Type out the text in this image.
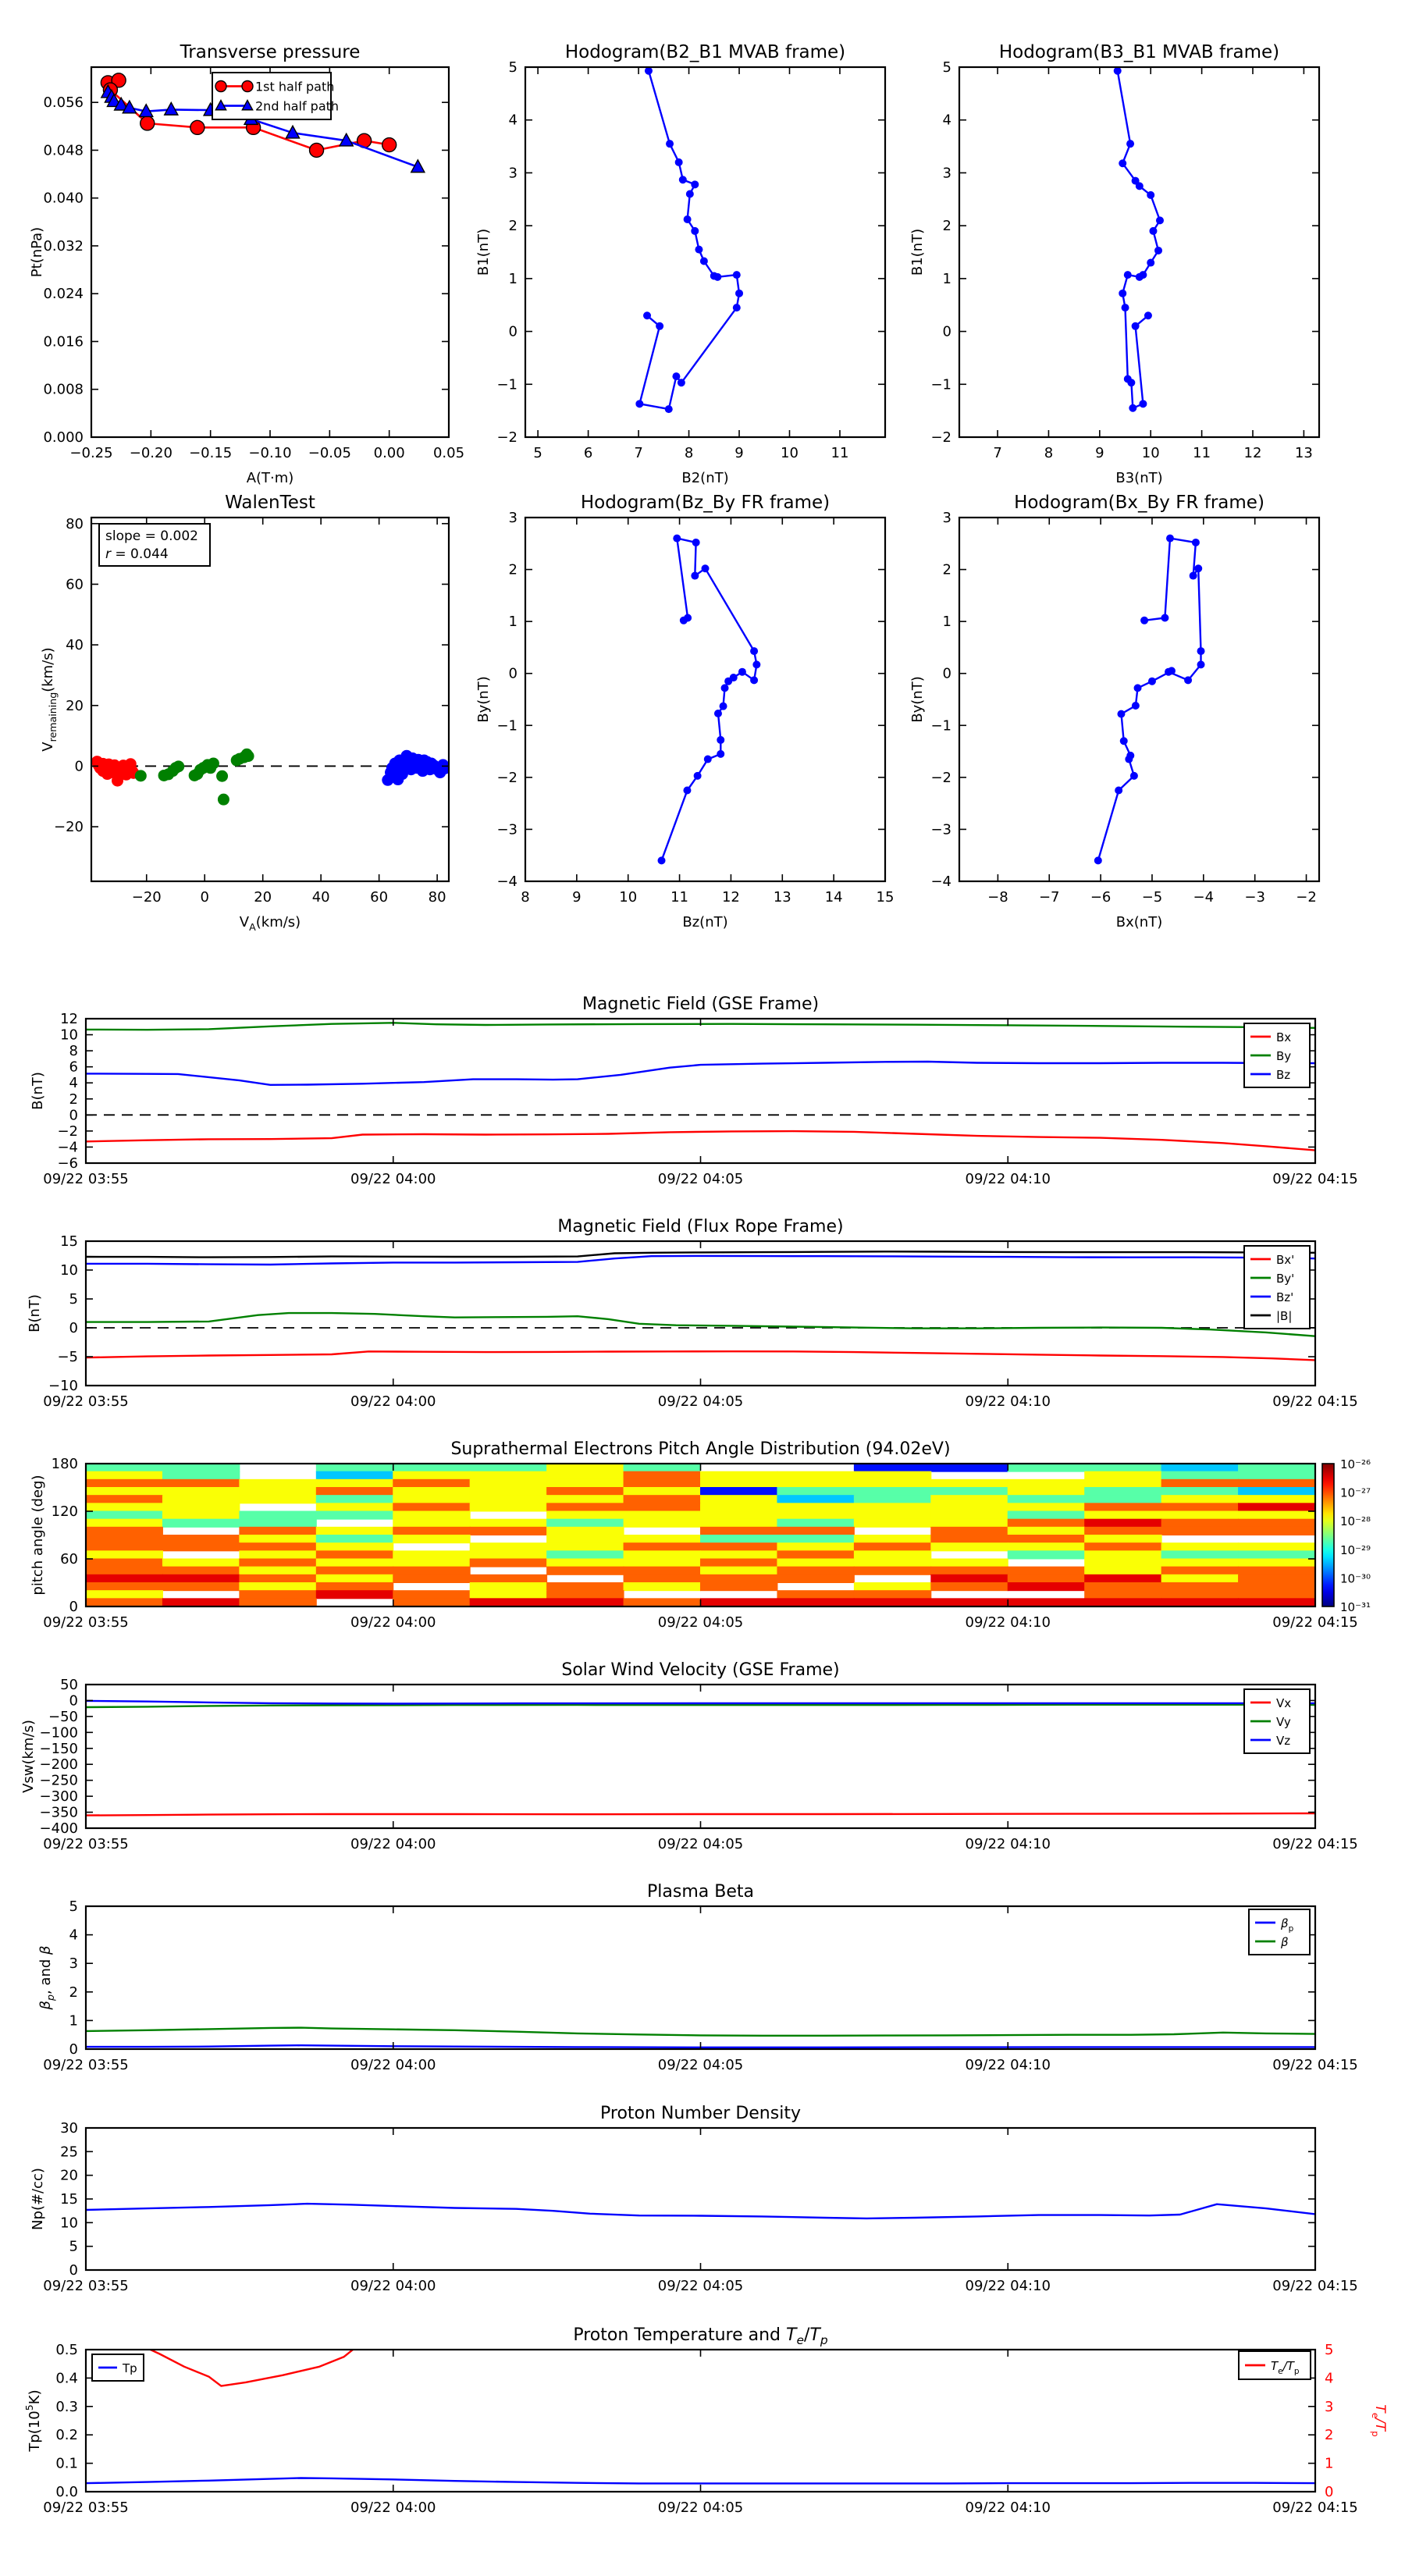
Transverse pressure
−0.25 −0.20 −0.15 −0.10 −0.05 0.00 0.05
0.000
0.008
0.016
0.024
0.032
0.040
0.048
0.056
A(T·m)
Pt(nPa)
1st half path
2nd half path
Hodogram(B2_B1 MVAB frame)
5	6	7	8	9	10 11
−2
−1
0
1
2
3
4
5
B2(nT)
B1(nT)
Hodogram(B3_B1 MVAB frame)
7	8	9	10 11 12 13
−2
−1
0
1
2
3
4
5
B3(nT)
B1(nT)
WalenTest
−20	0	20	40	60	80
−20
0
20
40
60
80
$V_A(km/s)$
$V_{remaining}(km/s)$
slope = 0.002
r = 0.044
Hodogram(Bz_By FR frame)
8	9	10 11 12 13 14 15
−4
−3
−2
−1
0
1
2
3
Bz(nT)
By(nT)
Hodogram(Bx_By FR frame)
−8 −7 −6 −5 −4 −3 −2
−4
−3
−2
−1
0
1
2
3
Bx(nT)
By(nT)
Magnetic Field (GSE Frame)
09/22 03:55	09/22 04:00	09/22 04:05	09/22 04:10	09/22 04:15
−6
−4
−2
0
2
4
6
8
10
12
B(nT)
Bx
By
Bz
Magnetic Field (Flux Rope Frame)
09/22 03:55	09/22 04:00	09/22 04:05	09/22 04:10	09/22 04:15
−10
−5
0
5
10
15
B(nT)
Bx'
By'
Bz'
|B|
Suprathermal Electrons Pitch Angle Distribution (94.02eV)
09/22 03:55	09/22 04:00	09/22 04:05	09/22 04:10	09/22 04:15
0
60
120
180
pitch angle (deg)
10⁻²⁶
10⁻²⁷
10⁻²⁸
10⁻²⁹
10⁻³⁰
10⁻³¹
Solar Wind Velocity (GSE Frame)
09/22 03:55	09/22 04:00	09/22 04:05	09/22 04:10	09/22 04:15
50
0
−50
−100
−150
−200
−250
−300
−350
−400
Vsw(km/s)
Vx
Vy
Vz
Plasma Beta
09/22 03:55	09/22 04:00	09/22 04:05	09/22 04:10	09/22 04:15
0
1
2
3
4
5
$\beta_p$, and β
$\beta_p$
β
Proton Number Density
09/22 03:55	09/22 04:00	09/22 04:05	09/22 04:10	09/22 04:15
0
5
10
15
20
25
30
Np(#/cc)
Proton Temperature and $T_e/T_p$
09/22 03:55	09/22 04:00	09/22 04:05	09/22 04:10	09/22 04:15
0.0
0.1
0.2
0.3
0.4
0.5
0
1
2
3
4
5
$T_e/T_p$
$Tp(10^5K)$
Tp	$T_e/T_p$
